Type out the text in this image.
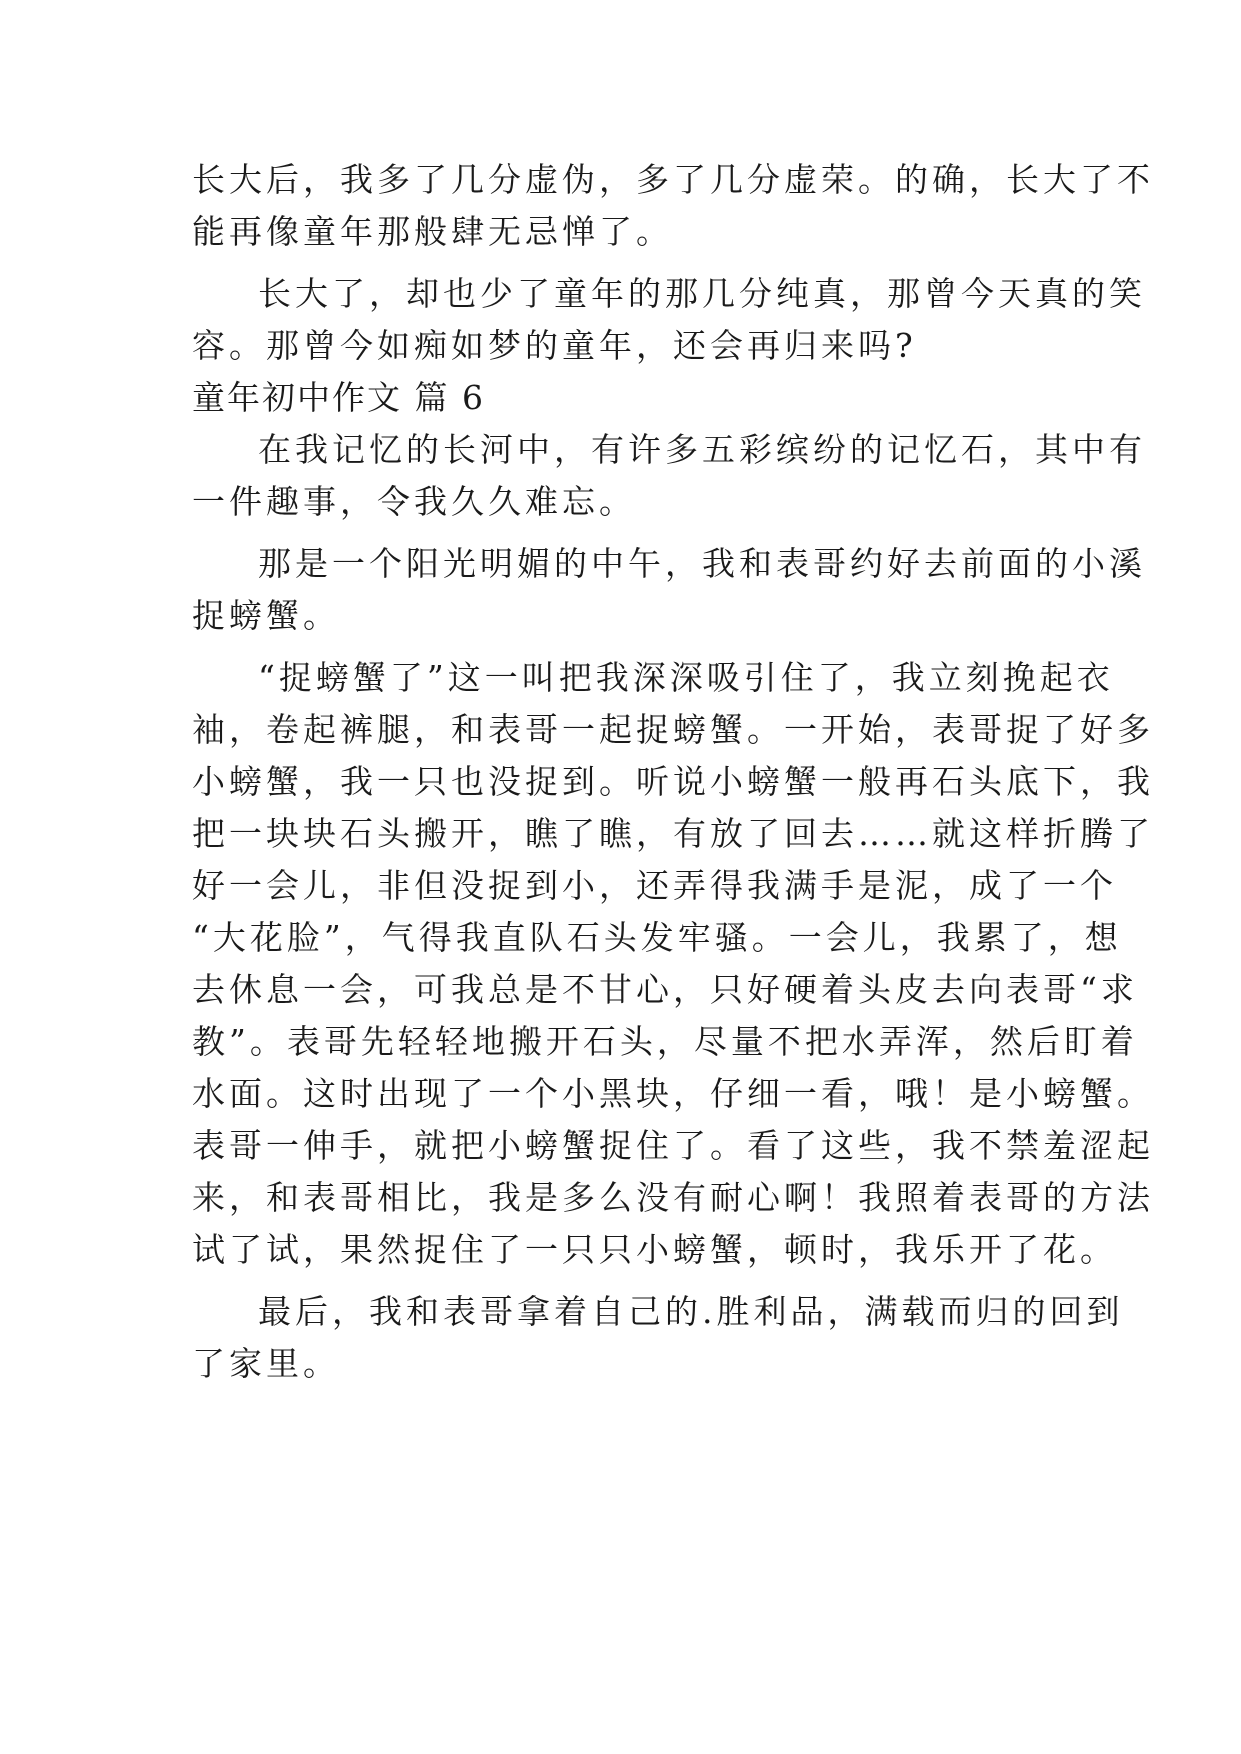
长大后，我多了几分虚伪，多了几分虚荣。的确，长大了不
能再像童年那般肆无忌惮了。
长大了，却也少了童年的那几分纯真，那曾今天真的笑
容。那曾今如痴如梦的童年，还会再归来吗?
童年初中作文 篇 6
在我记忆的长河中，有许多五彩缤纷的记忆石，其中有
一件趣事，令我久久难忘。
那是一个阳光明媚的中午，我和表哥约好去前面的小溪
捉螃蟹。
“捉螃蟹了”这一叫把我深深吸引住了，我立刻挽起衣
袖，卷起裤腿，和表哥一起捉螃蟹。一开始，表哥捉了好多
小螃蟹，我一只也没捉到。听说小螃蟹一般再石头底下，我
把一块块石头搬开，瞧了瞧，有放了回去……就这样折腾了
好一会儿，非但没捉到小，还弄得我满手是泥，成了一个
“大花脸”，气得我直队石头发牢骚。一会儿，我累了，想
去休息一会，可我总是不甘心，只好硬着头皮去向表哥“求
教”。表哥先轻轻地搬开石头，尽量不把水弄浑，然后盯着
水面。这时出现了一个小黑块，仔细一看，哦！是小螃蟹。
表哥一伸手，就把小螃蟹捉住了。看了这些，我不禁羞涩起
来，和表哥相比，我是多么没有耐心啊！我照着表哥的方法
试了试，果然捉住了一只只小螃蟹，顿时，我乐开了花。
最后，我和表哥拿着自己的.胜利品，满载而归的回到
了家里。
